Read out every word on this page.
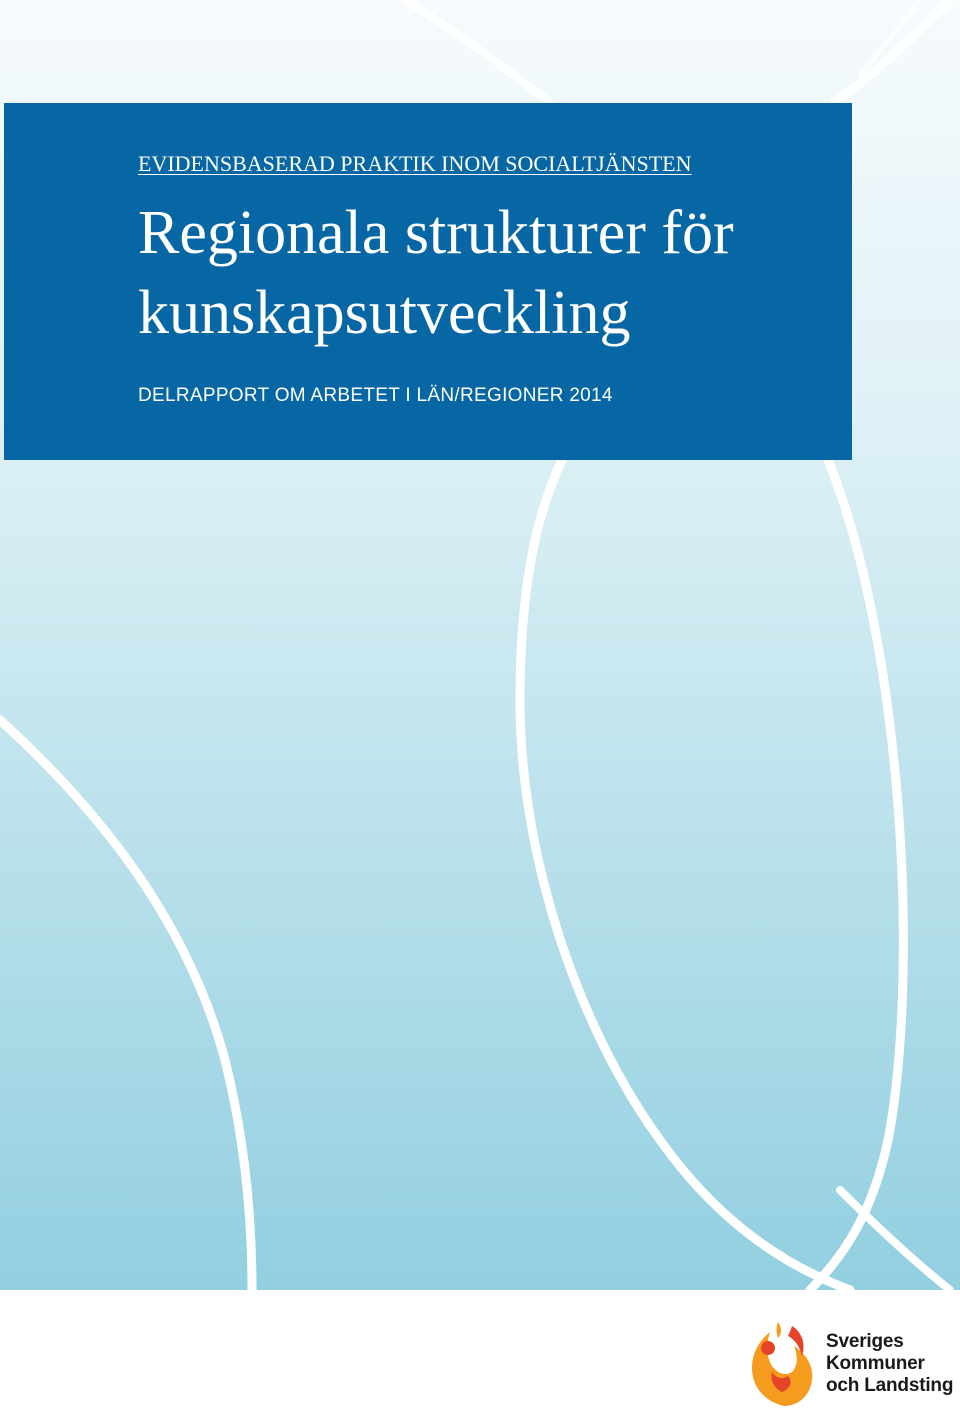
EVIDENSBASERAD PRAKTIK INOM SOCIALTJÄNSTEN

Regionala strukturer för
kunskapsutveckling

DELRAPPORT OM ARBETET I LÄN/REGIONER 2014

Sveriges
Kommuner
och Landsting
